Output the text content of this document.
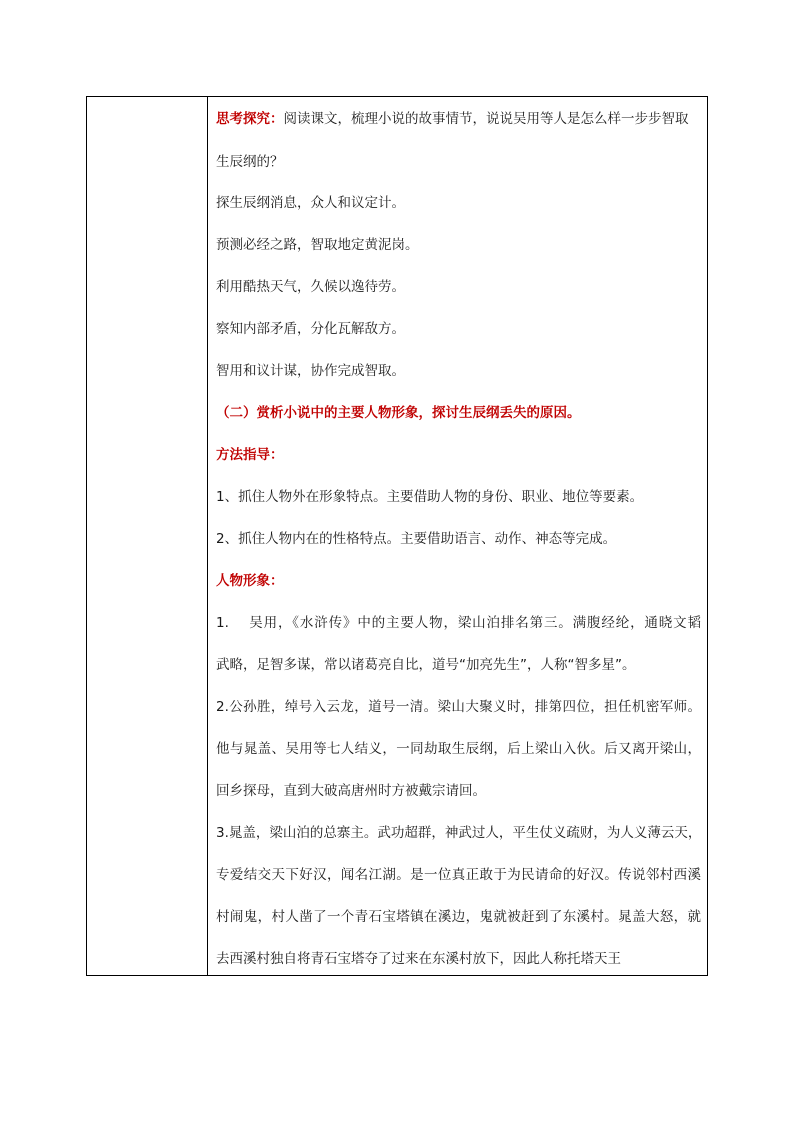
思考探究：阅读课文，梳理小说的故事情节，说说吴用等人是怎么样一步步智取
生辰纲的？
探生辰纲消息，众人和议定计。
预测必经之路，智取地定黄泥岗。
利用酷热天气，久候以逸待劳。
察知内部矛盾，分化瓦解敌方。
智用和议计谋，协作完成智取。
（二）赏析小说中的主要人物形象，探讨生辰纲丢失的原因。
方法指导：
1、抓住人物外在形象特点。主要借助人物的身份、职业、地位等要素。
2、抓住人物内在的性格特点。主要借助语言、动作、神态等完成。
人物形象：
1.　 吴用，《水浒传》中的主要人物，梁山泊排名第三。满腹经纶，通晓文韬
武略，足智多谋，常以诸葛亮自比，道号“加亮先生”，人称“智多星”。
2.公孙胜，绰号入云龙，道号一清。梁山大聚义时，排第四位，担任机密军师。
他与晁盖、吴用等七人结义，一同劫取生辰纲，后上梁山入伙。后又离开梁山，
回乡探母，直到大破高唐州时方被戴宗请回。
3.晁盖，梁山泊的总寨主。武功超群，神武过人，平生仗义疏财，为人义薄云天，
专爱结交天下好汉，闻名江湖。是一位真正敢于为民请命的好汉。传说邻村西溪
村闹鬼，村人凿了一个青石宝塔镇在溪边，鬼就被赶到了东溪村。晁盖大怒，就
去西溪村独自将青石宝塔夺了过来在东溪村放下，因此人称托塔天王
